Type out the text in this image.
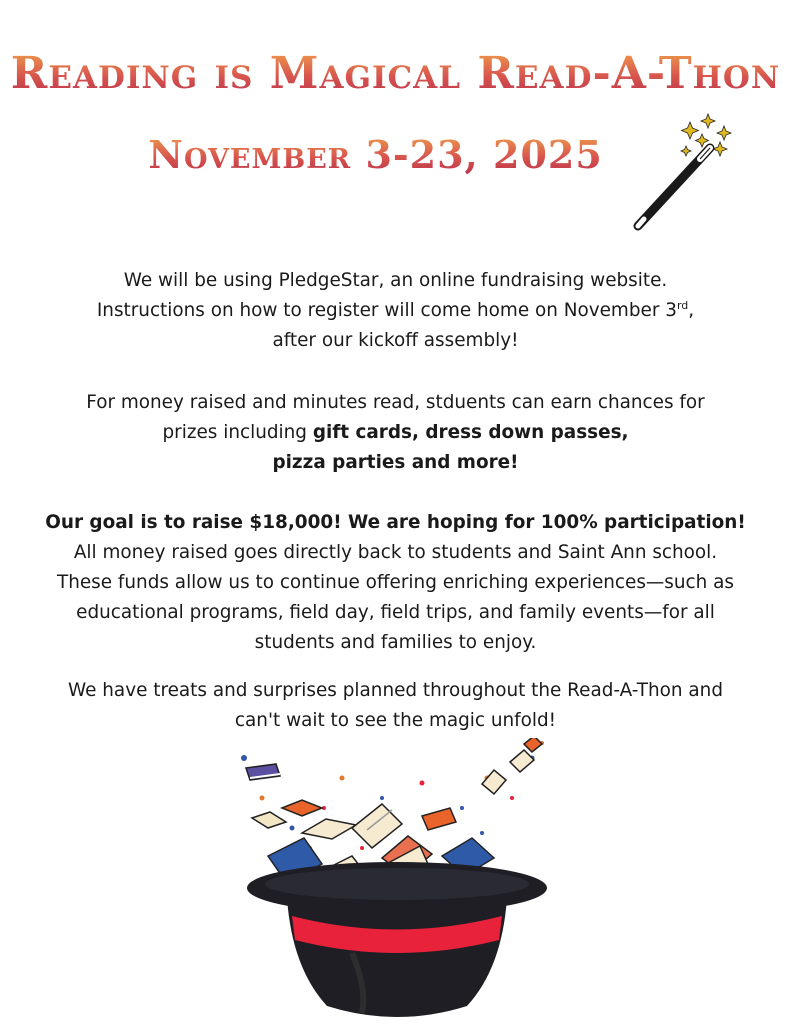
Reading is Magical Read-A-Thon
November 3-23, 2025
We will be using PledgeStar, an online fundraising website.
Instructions on how to register will come home on November 3rd,
after our kickoff assembly!
For money raised and minutes read, stduents can earn chances for
prizes including gift cards, dress down passes,
pizza parties and more!
Our goal is to raise $18,000! We are hoping for 100% participation!
All money raised goes directly back to students and Saint Ann school.
These funds allow us to continue offering enriching experiences—such as
educational programs, field day, field trips, and family events—for all
students and families to enjoy.
We have treats and surprises planned throughout the Read-A-Thon and
can't wait to see the magic unfold!
